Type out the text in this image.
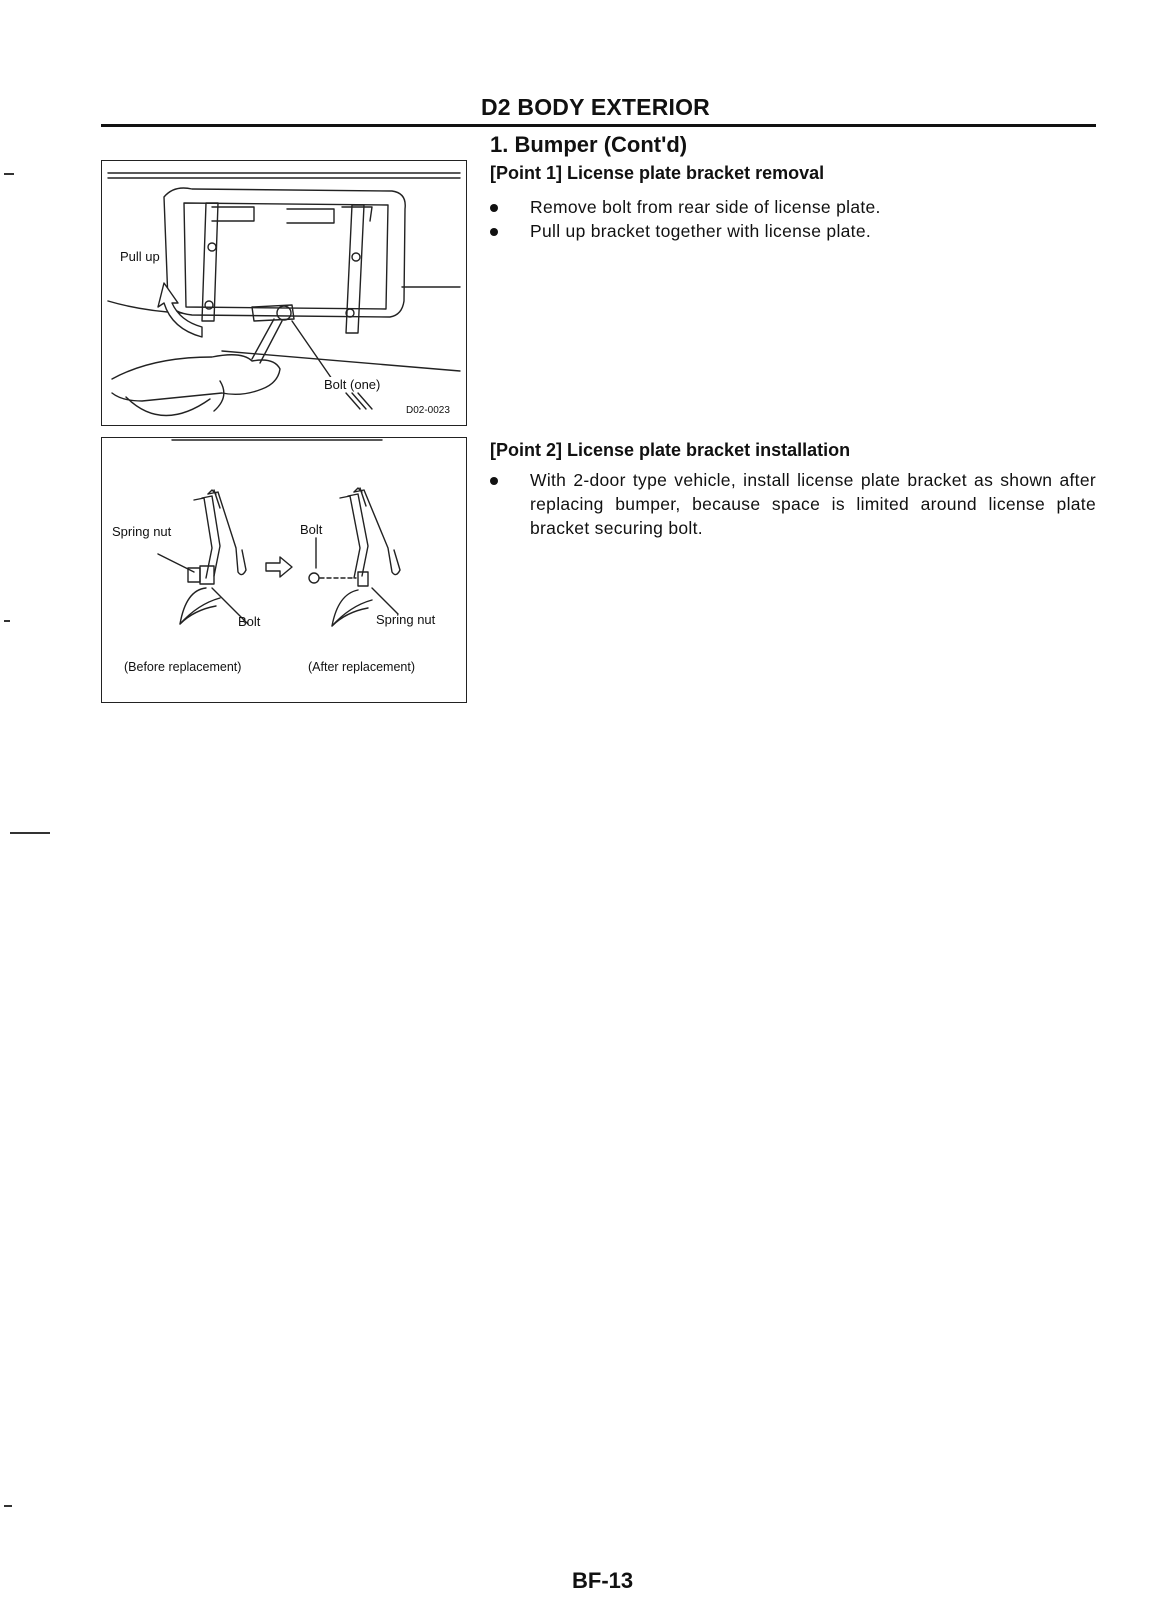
D2 BODY EXTERIOR
1. Bumper (Cont'd)
[Point 1] License plate bracket removal
Remove bolt from rear side of license plate.
Pull up bracket together with license plate.
[Point 2] License plate bracket installation
With 2-door type vehicle, install license plate bracket as shown after replacing bumper, because space is limited around license plate bracket securing bolt.
Pull up
Bolt (one)
D02-0023
Spring nut	Bolt
Bolt	Spring nut
(Before replacement)	(After replacement)
BF-13
